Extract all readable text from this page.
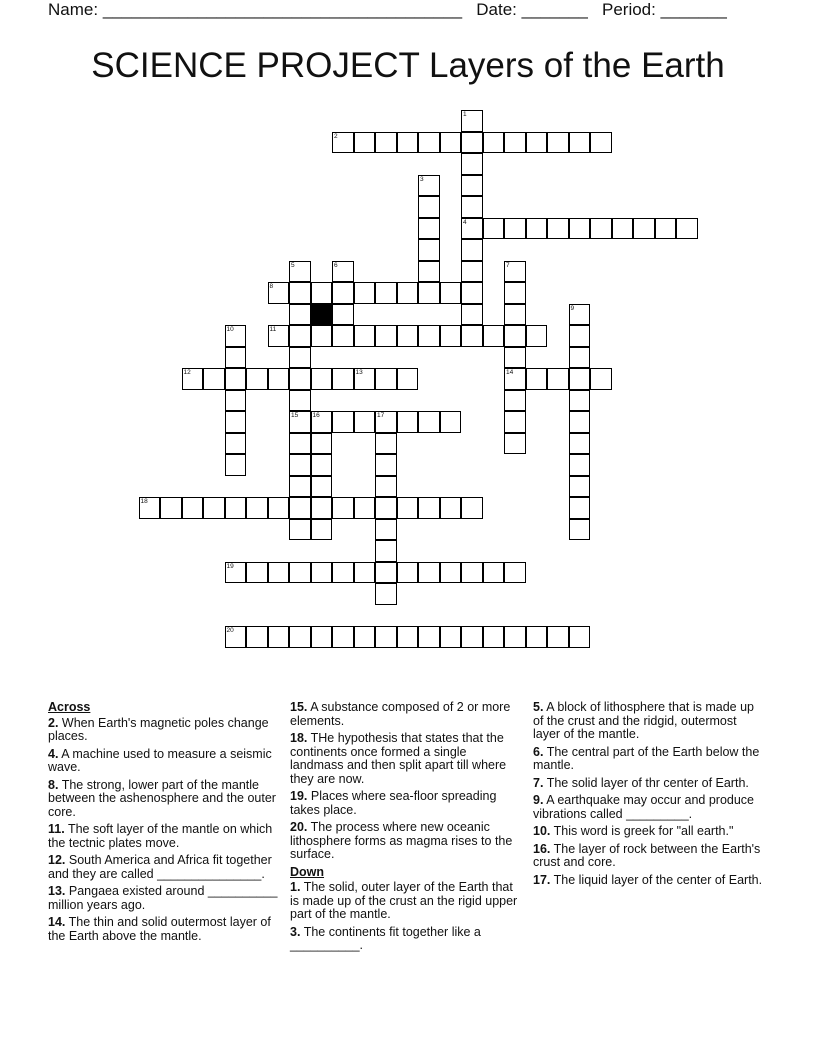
Name: ______________________________________ Date: _______ Period: _______
SCIENCE PROJECT Layers of the Earth
1
4
2
3
5
15
6	7
14
8
9
10	11
12	13
16	17
18
19
20
Across
2. When Earth's magnetic poles change places.
4. A machine used to measure a seismic wave.
8. The strong, lower part of the mantle between the ashenosphere and the outer core.
11. The soft layer of the mantle on which the tectnic plates move.
12. South America and Africa fit together and they are called _______________.
13. Pangaea existed around __________ million years ago.
14. The thin and solid outermost layer of the Earth above the mantle.
15. A substance composed of 2 or more elements.
18. THe hypothesis that states that the continents once formed a single landmass and then split apart till where they are now.
19. Places where sea-floor spreading takes place.
20. The process where new oceanic lithosphere forms as magma rises to the surface.
Down
1. The solid, outer layer of the Earth that is made up of the crust an the rigid upper part of the mantle.
3. The continents fit together like a __________.
5. A block of lithosphere that is made up of the crust and the ridgid, outermost layer of the mantle.
6. The central part of the Earth below the mantle.
7. The solid layer of thr center of Earth.
9. A earthquake may occur and produce vibrations called _________.
10. This word is greek for "all earth."
16. The layer of rock between the Earth's crust and core.
17. The liquid layer of the center of Earth.
